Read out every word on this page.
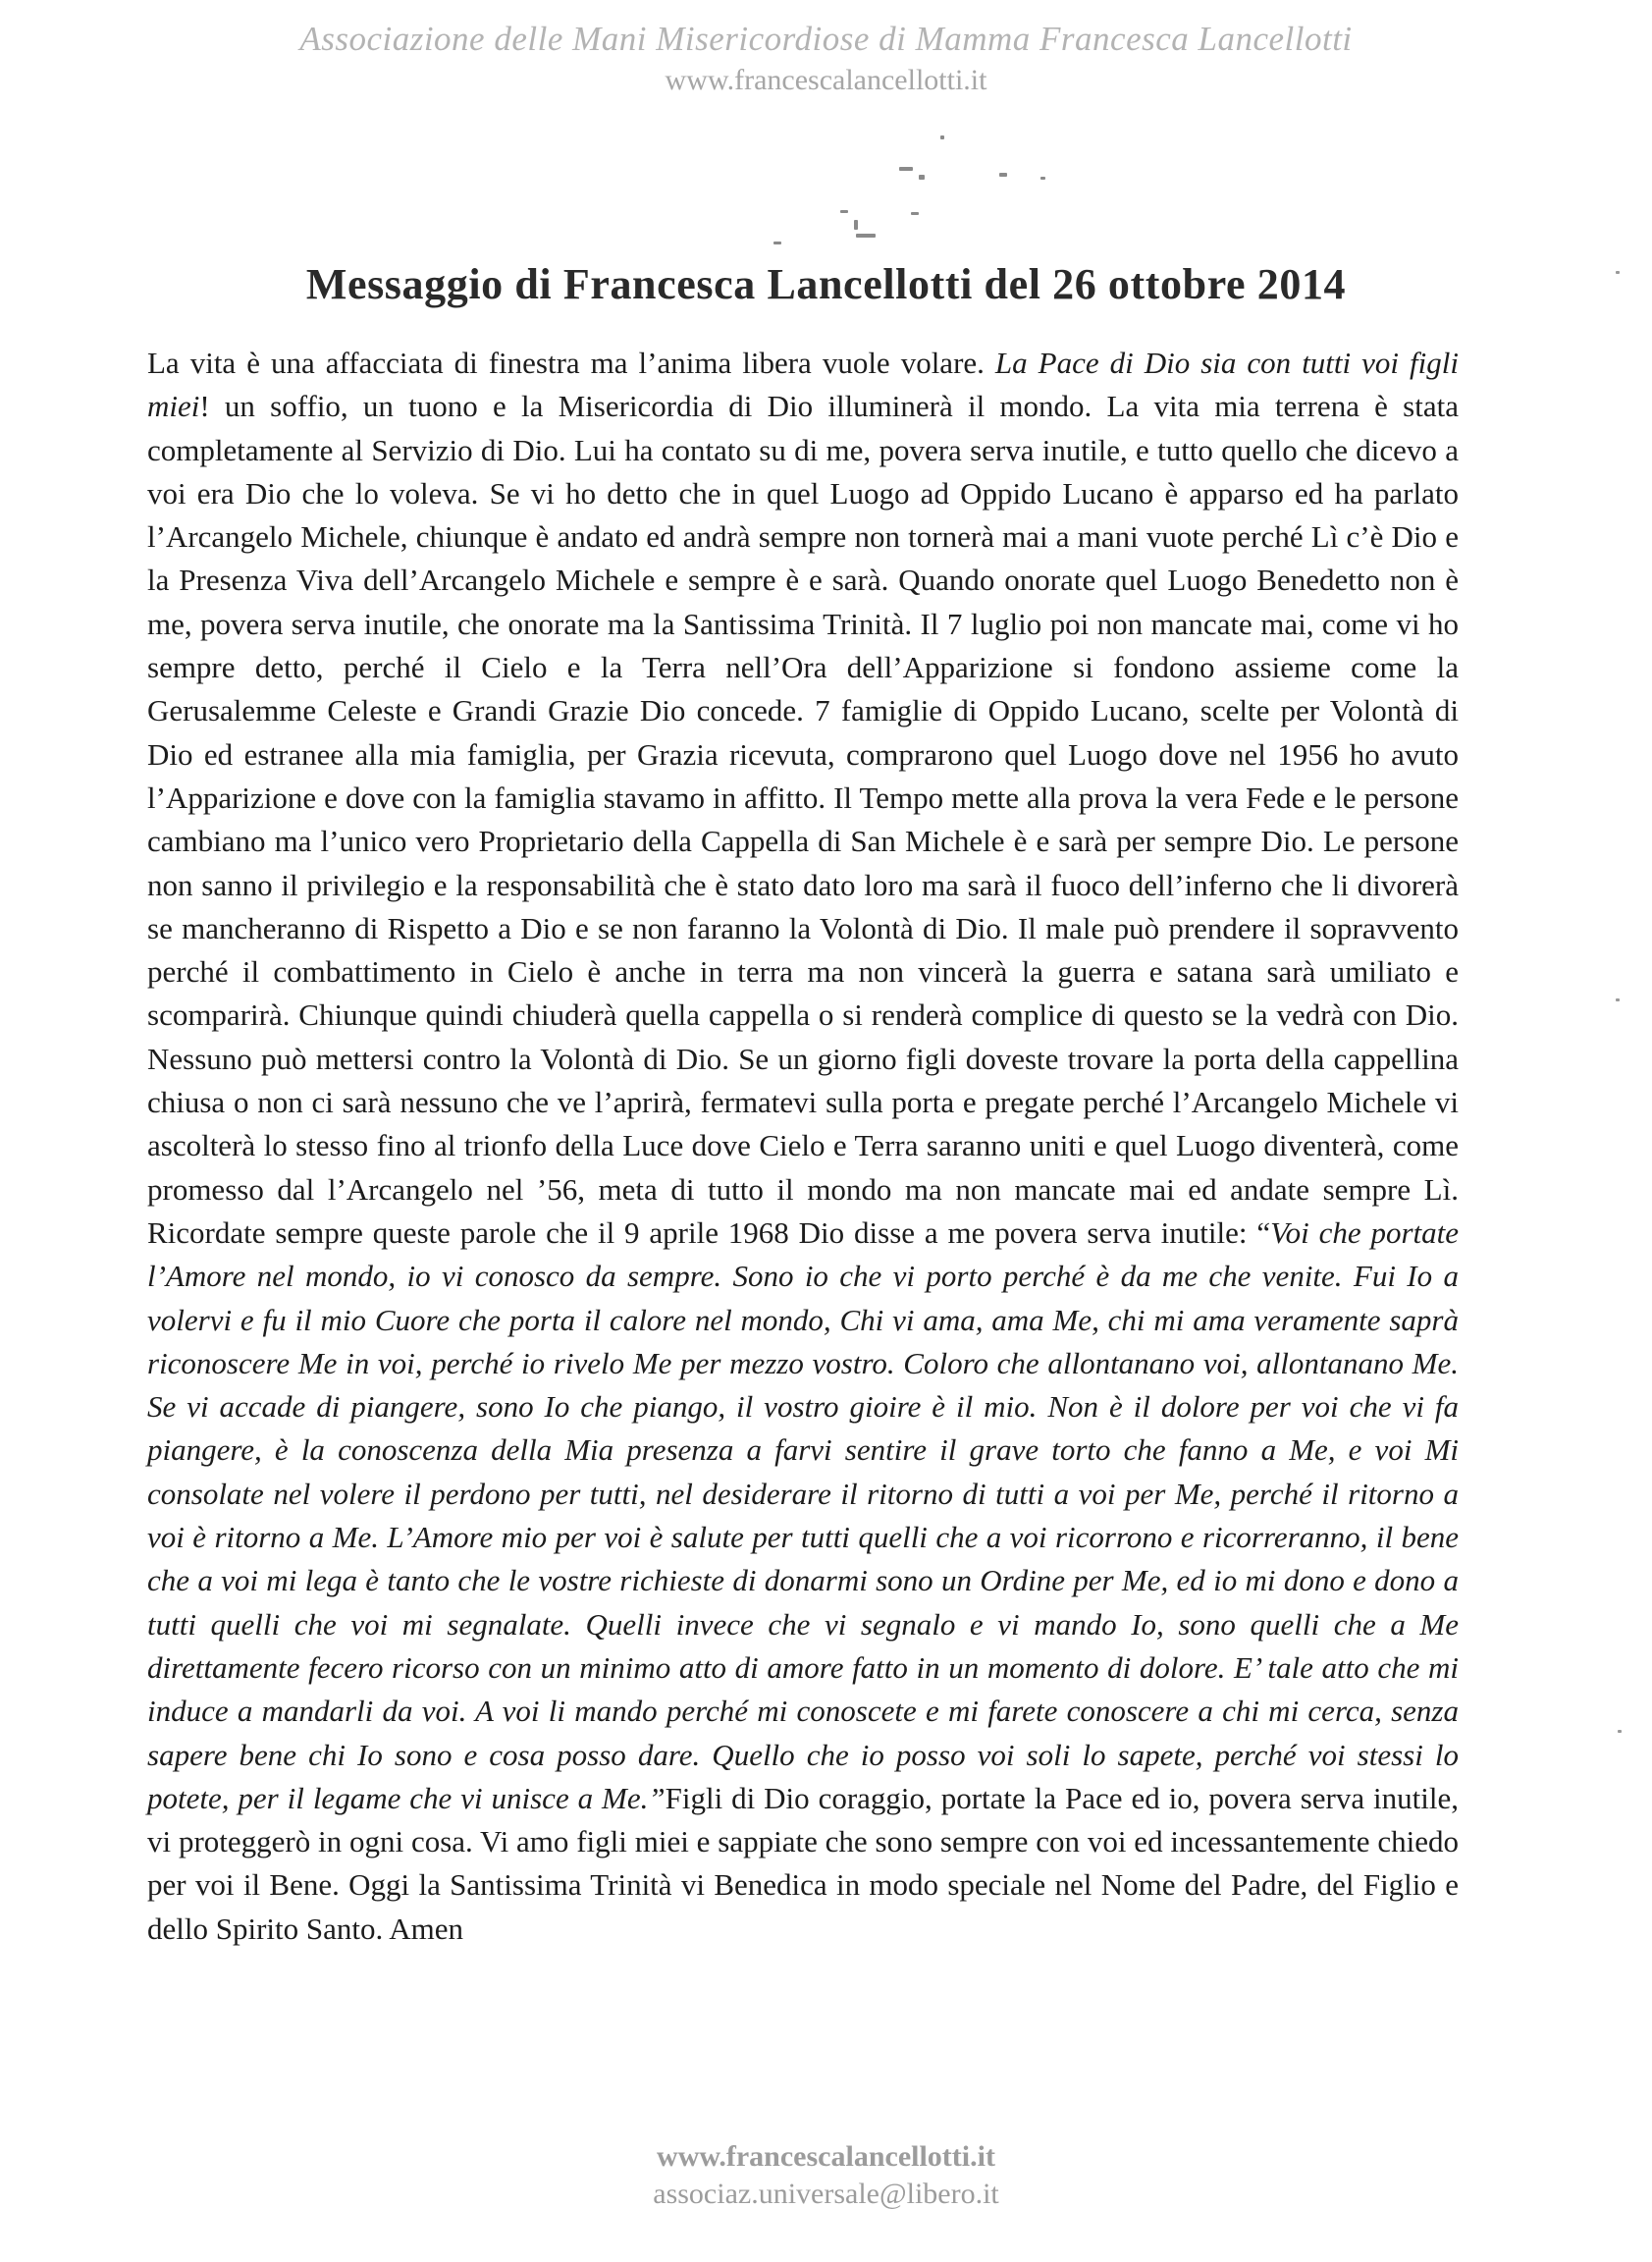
Associazione delle Mani Misericordiose di Mamma Francesca Lancellotti
www.francescalancellotti.it
Messaggio di Francesca Lancellotti del 26 ottobre 2014
La vita è una affacciata di finestra ma l’anima libera vuole volare. La Pace di Dio sia con tutti voi figli miei! un soffio, un tuono e la Misericordia di Dio illuminerà il mondo. La vita mia terrena è stata completamente al Servizio di Dio. Lui ha contato su di me, povera serva inutile, e tutto quello che dicevo a voi era Dio che lo voleva. Se vi ho detto che in quel Luogo ad Oppido Lucano è apparso ed ha parlato l’Arcangelo Michele, chiunque è andato ed andrà sempre non tornerà mai a mani vuote perché Lì c’è Dio e la Presenza Viva dell’Arcangelo Michele e sempre è e sarà. Quando onorate quel Luogo Benedetto non è me, povera serva inutile, che onorate ma la Santissima Trinità. Il 7 luglio poi non mancate mai, come vi ho sempre detto, perché il Cielo e la Terra nell’Ora dell’Apparizione si fondono assieme come la Gerusalemme Celeste e Grandi Grazie Dio concede. 7 famiglie di Oppido Lucano, scelte per Volontà di Dio ed estranee alla mia famiglia, per Grazia ricevuta, comprarono quel Luogo dove nel 1956 ho avuto l’Apparizione e dove con la famiglia stavamo in affitto. Il Tempo mette alla prova la vera Fede e le persone cambiano ma l’unico vero Proprietario della Cappella di San Michele è e sarà per sempre Dio. Le persone non sanno il privilegio e la responsabilità che è stato dato loro ma sarà il fuoco dell’inferno che li divorerà se mancheranno di Rispetto a Dio e se non faranno la Volontà di Dio. Il male può prendere il sopravvento perché il combattimento in Cielo è anche in terra ma non vincerà la guerra e satana sarà umiliato e scomparirà. Chiunque quindi chiuderà quella cappella o si renderà complice di questo se la vedrà con Dio. Nessuno può mettersi contro la Volontà di Dio. Se un giorno figli doveste trovare la porta della cappellina chiusa o non ci sarà nessuno che ve l’aprirà, fermatevi sulla porta e pregate perché l’Arcangelo Michele vi ascolterà lo stesso fino al trionfo della Luce dove Cielo e Terra saranno uniti e quel Luogo diventerà, come promesso dal l’Arcangelo nel ’56, meta di tutto il mondo ma non mancate mai ed andate sempre Lì. Ricordate sempre queste parole che il 9 aprile 1968 Dio disse a me povera serva inutile: “Voi che portate l’Amore nel mondo, io vi conosco da sempre. Sono io che vi porto perché è da me che venite. Fui Io a volervi e fu il mio Cuore che porta il calore nel mondo, Chi vi ama, ama Me, chi mi ama veramente saprà riconoscere Me in voi, perché io rivelo Me per mezzo vostro. Coloro che allontanano voi, allontanano Me. Se vi accade di piangere, sono Io che piango, il vostro gioire è il mio. Non è il dolore per voi che vi fa piangere, è la conoscenza della Mia presenza a farvi sentire il grave torto che fanno a Me, e voi Mi consolate nel volere il perdono per tutti, nel desiderare il ritorno di tutti a voi per Me, perché il ritorno a voi è ritorno a Me. L’Amore mio per voi è salute per tutti quelli che a voi ricorrono e ricorreranno, il bene che a voi mi lega è tanto che le vostre richieste di donarmi sono un Ordine per Me, ed io mi dono e dono a tutti quelli che voi mi segnalate. Quelli invece che vi segnalo e vi mando Io, sono quelli che a Me direttamente fecero ricorso con un minimo atto di amore fatto in un momento di dolore. E’ tale atto che mi induce a mandarli da voi. A voi li mando perché mi conoscete e mi farete conoscere a chi mi cerca, senza sapere bene chi Io sono e cosa posso dare. Quello che io posso voi soli lo sapete, perché voi stessi lo potete, per il legame che vi unisce a Me.”Figli di Dio coraggio, portate la Pace ed io, povera serva inutile, vi proteggerò in ogni cosa. Vi amo figli miei e sappiate che sono sempre con voi ed incessantemente chiedo per voi il Bene. Oggi la Santissima Trinità vi Benedica in modo speciale nel Nome del Padre, del Figlio e dello Spirito Santo. Amen
www.francescalancellotti.it
associaz.universale@libero.it
